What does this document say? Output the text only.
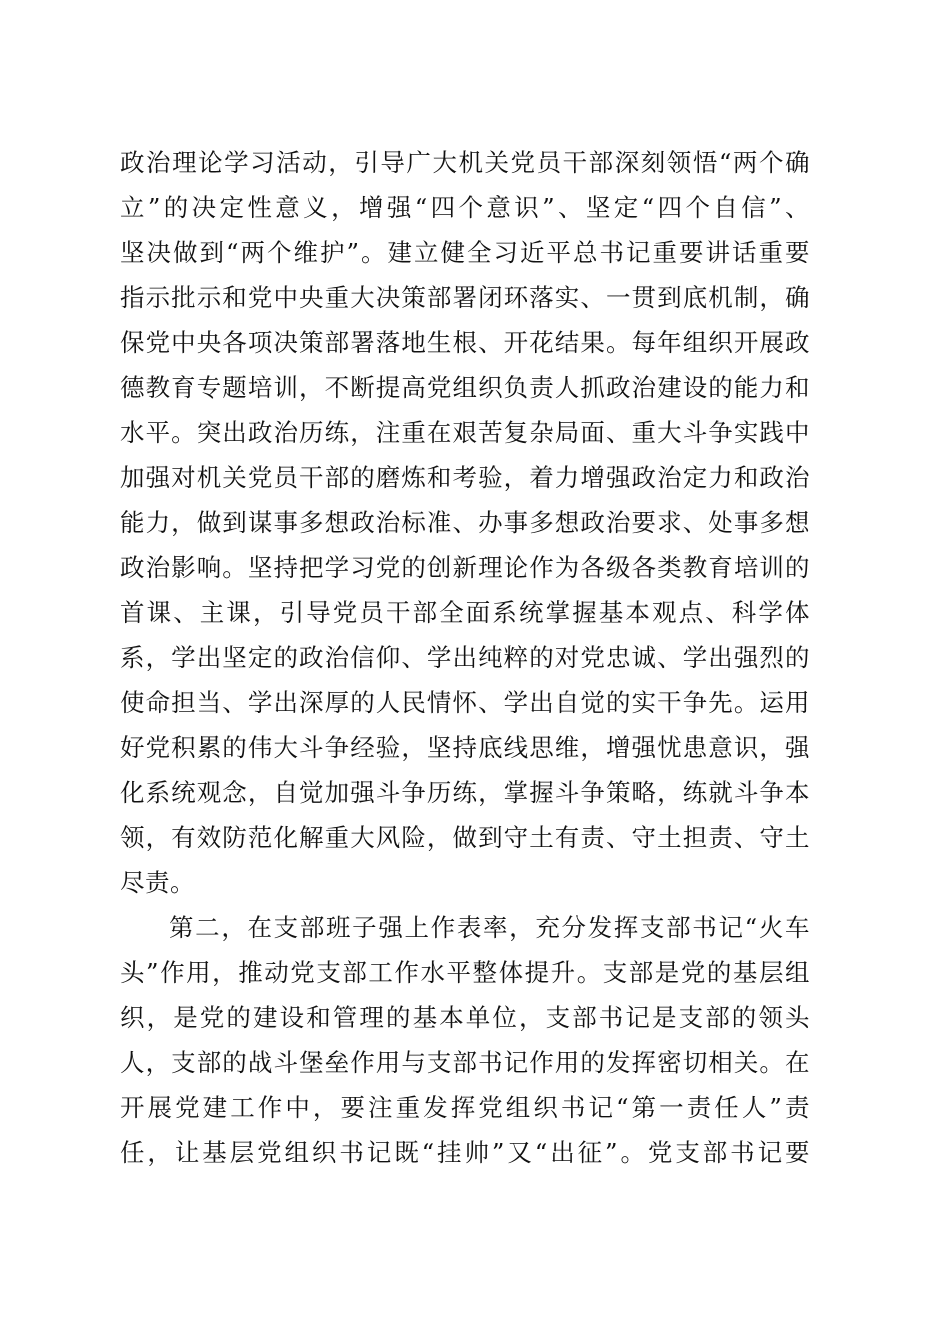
政治理论学习活动，引导广大机关党员干部深刻领悟“两个确
立”的决定性意义，增强“四个意识”、坚定“四个自信”、
坚决做到“两个维护”。建立健全习近平总书记重要讲话重要
指示批示和党中央重大决策部署闭环落实、一贯到底机制，确
保党中央各项决策部署落地生根、开花结果。每年组织开展政
德教育专题培训，不断提高党组织负责人抓政治建设的能力和
水平。突出政治历练，注重在艰苦复杂局面、重大斗争实践中
加强对机关党员干部的磨炼和考验，着力增强政治定力和政治
能力，做到谋事多想政治标准、办事多想政治要求、处事多想
政治影响。坚持把学习党的创新理论作为各级各类教育培训的
首课、主课，引导党员干部全面系统掌握基本观点、科学体
系，学出坚定的政治信仰、学出纯粹的对党忠诚、学出强烈的
使命担当、学出深厚的人民情怀、学出自觉的实干争先。运用
好党积累的伟大斗争经验，坚持底线思维，增强忧患意识，强
化系统观念，自觉加强斗争历练，掌握斗争策略，练就斗争本
领，有效防范化解重大风险，做到守土有责、守土担责、守土
尽责。
第二，在支部班子强上作表率，充分发挥支部书记“火车
头”作用，推动党支部工作水平整体提升。支部是党的基层组
织，是党的建设和管理的基本单位，支部书记是支部的领头
人，支部的战斗堡垒作用与支部书记作用的发挥密切相关。在
开展党建工作中，要注重发挥党组织书记“第一责任人”责
任，让基层党组织书记既“挂帅”又“出征”。党支部书记要
